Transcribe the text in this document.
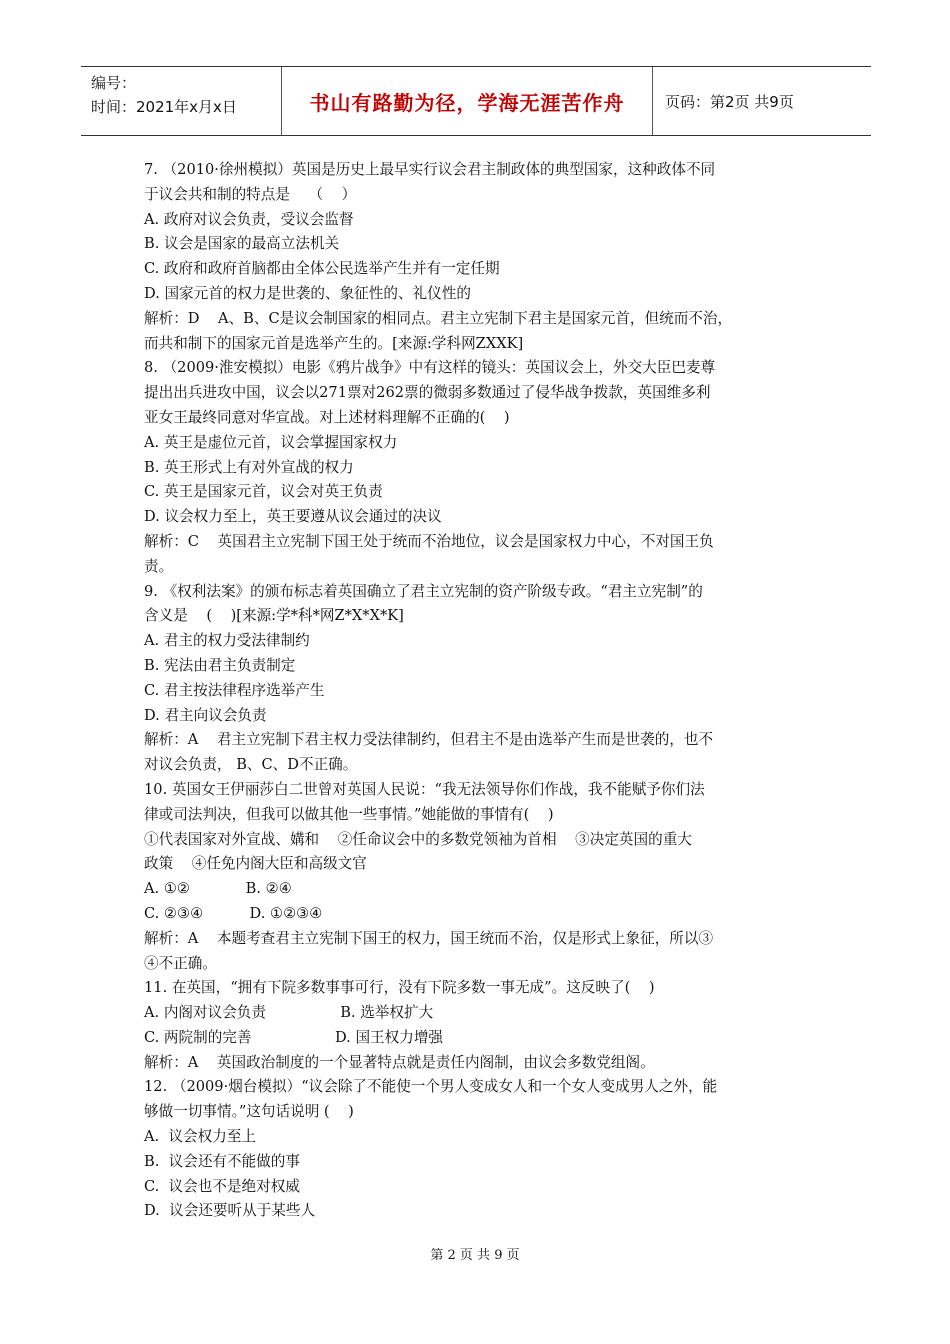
编号：
时间：2021年x月x日	书山有路勤为径，学海无涯苦作舟	页码：第2页 共9页
7. （2010·徐州模拟）英国是历史上最早实行议会君主制政体的典型国家，这种政体不同
于议会共和制的特点是    （    ）
A. 政府对议会负责，受议会监督
B. 议会是国家的最高立法机关
C. 政府和政府首脑都由全体公民选举产生并有一定任期
D. 国家元首的权力是世袭的、象征性的、礼仪性的
解析：D    A、B、C是议会制国家的相同点。君主立宪制下君主是国家元首，但统而不治，
而共和制下的国家元首是选举产生的。[来源:学科网ZXXK]
8. （2009·淮安模拟）电影《鸦片战争》中有这样的镜头：英国议会上，外交大臣巴麦尊
提出出兵进攻中国，议会以271票对262票的微弱多数通过了侵华战争拨款，英国维多利
亚女王最终同意对华宣战。对上述材料理解不正确的(    )
A. 英王是虚位元首，议会掌握国家权力
B. 英王形式上有对外宣战的权力
C. 英王是国家元首，议会对英王负责
D. 议会权力至上，英王要遵从议会通过的决议
解析：C    英国君主立宪制下国王处于统而不治地位，议会是国家权力中心，不对国王负
责。
9. 《权利法案》的颁布标志着英国确立了君主立宪制的资产阶级专政。“君主立宪制”的
含义是    (    )[来源:学*科*网Z*X*X*K]
A. 君主的权力受法律制约
B. 宪法由君主负责制定
C. 君主按法律程序选举产生
D. 君主向议会负责
解析：A    君主立宪制下君主权力受法律制约，但君主不是由选举产生而是世袭的，也不
对议会负责， B、C、D不正确。
10. 英国女王伊丽莎白二世曾对英国人民说：“我无法领导你们作战，我不能赋予你们法
律或司法判决，但我可以做其他一些事情。”她能做的事情有(    )
①代表国家对外宣战、媾和    ②任命议会中的多数党领袖为首相    ③决定英国的重大
政策    ④任免内阁大臣和高级文官
A. ①②            B. ②④
C. ②③④          D. ①②③④
解析：A    本题考查君主立宪制下国王的权力，国王统而不治，仅是形式上象征，所以③
④不正确。
11. 在英国，“拥有下院多数事事可行，没有下院多数一事无成”。这反映了(    )
A. 内阁对议会负责                B. 选举权扩大
C. 两院制的完善                  D. 国王权力增强
解析：A    英国政治制度的一个显著特点就是责任内阁制，由议会多数党组阁。
12. （2009·烟台模拟）“议会除了不能使一个男人变成女人和一个女人变成男人之外，能
够做一切事情。”这句话说明 (    )
A.  议会权力至上
B.  议会还有不能做的事
C.  议会也不是绝对权威
D.  议会还要听从于某些人
第 2 页 共 9 页
